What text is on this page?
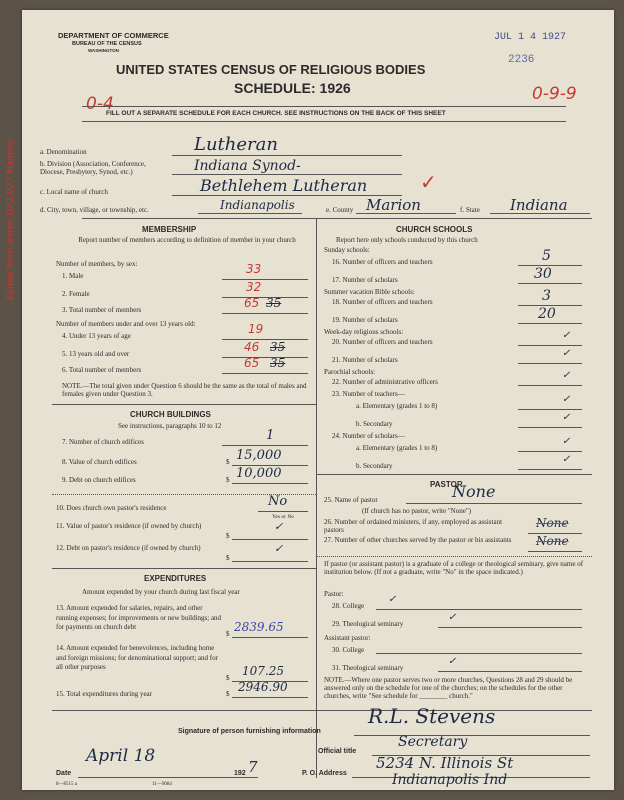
DEPARTMENT OF COMMERCE
BUREAU OF THE CENSUS
WASHINGTON
JUL 1 4 1927
2236
UNITED STATES CENSUS OF RELIGIOUS BODIES
SCHEDULE: 1926
0-4	0-9-9
FILL OUT A SEPARATE SCHEDULE FOR EACH CHURCH. SEE INSTRUCTIONS ON THE BACK OF THIS SHEET
a. Denomination	Lutheran
b. Division (Association, Conference, Diocese, Presbytery, Synod, etc.)	Indiana Synod-
c. Local name of church	Bethlehem Lutheran	✓
d. City, town, village, or township, etc.	Indianapolis	e. County Marion	f. State Indiana
Edited from letter 10/13/27 Mankey	MEMBERSHIP
Report number of members according to definition of member in your church
Number of members, by sex:
1. Male	33
2. Female	32
3. Total number of members	65 35
Number of members under and over 13 years old:
4. Under 13 years of age	19
5. 13 years old and over	46 35
6. Total number of members	65 35
NOTE.—The total given under Question 6 should be the same as the total of males and females given under Question 3.
CHURCH BUILDINGS
See instructions, paragraphs 10 to 12
7. Number of church edifices	1
8. Value of church edifices	$ 15,000
9. Debt on church edifices	$ 10,000
10. Does church own pastor's residence	No
Yes or No
11. Value of pastor's residence (if owned by church)
$
✓
12. Debt on pastor's residence (if owned by church)
$
✓
EXPENDITURES
Amount expended by your church during last fiscal year
13. Amount expended for salaries, repairs, and other running expenses; for improvements or new buildings; and for payments on church debt
$ 2839.65
14. Amount expended for benevolences, including home and foreign missions; for denominational support; and for all other purposes
$ 107.25
15. Total expenditures during year	$ 2946.90
CHURCH SCHOOLS
Report here only schools conducted by this church
Sunday schools:
16. Number of officers and teachers	5
17. Number of scholars	30
Summer vacation Bible schools:
18. Number of officers and teachers	3
19. Number of scholars	20
Week-day religious schools:
20. Number of officers and teachers
✓
21. Number of scholars
✓
Parochial schools:
22. Number of administrative officers
✓
23. Number of teachers—
a. Elementary (grades 1 to 8)
✓
b. Secondary
✓
24. Number of scholars—
a. Elementary (grades 1 to 8)
✓
b. Secondary
✓
PASTOR
25. Name of pastor	None
(If church has no pastor, write "None")
26. Number of ordained ministers, if any, employed as assistant pastors	None
27. Number of other churches served by the pastor or his assistants	None
If pastor (or assistant pastor) is a graduate of a college or theological seminary, give name of institution below. (If not a graduate, write "No" in the space indicated.)
Pastor:
28. College
✓
29. Theological seminary
✓
Assistant pastor:
30. College
31. Theological seminary
✓
NOTE.—Where one pastor serves two or more churches, Questions 28 and 29 should be answered only on the schedule for one of the churches; on the schedules for the other churches, write "See schedule for ________ church."
Signature of person furnishing information
R.L. Stevens
Official title
Secretary
Date
April 18
192 7	P. O. Address
5234 N. Illinois St
Indianapolis Ind
8—8515 a	11—9084
